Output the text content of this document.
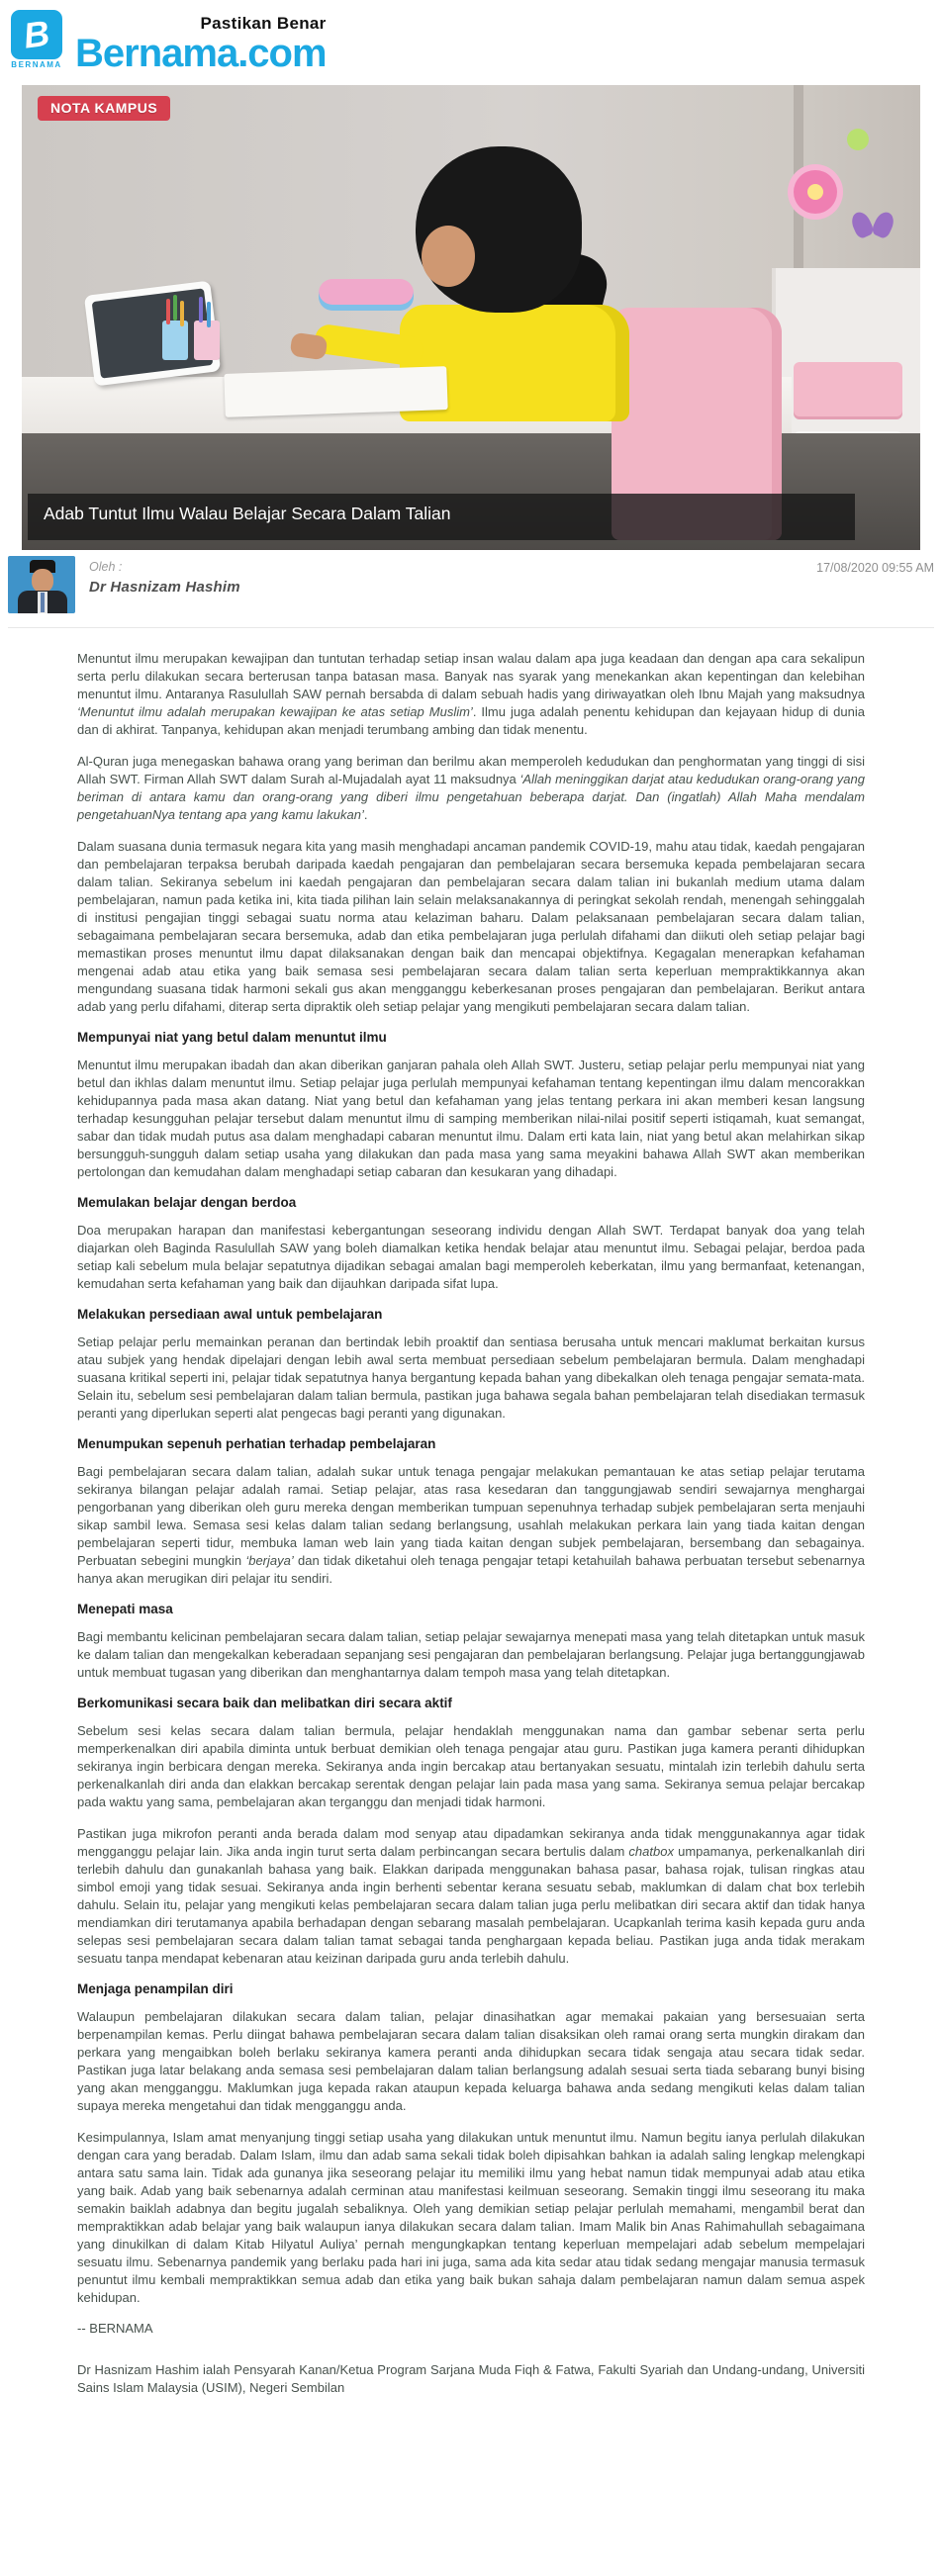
B
BERNAMA
Pastikan Benar
Bernama.com
NOTA KAMPUS
Adab Tuntut Ilmu Walau Belajar Secara Dalam Talian
Oleh :
Dr Hasnizam Hashim
17/08/2020 09:55 AM

Menuntut ilmu merupakan kewajipan dan tuntutan terhadap setiap insan walau dalam apa juga keadaan dan dengan apa cara sekalipun serta perlu dilakukan secara berterusan tanpa batasan masa. Banyak nas syarak yang menekankan akan kepentingan dan kelebihan menuntut ilmu. Antaranya Rasulullah SAW pernah bersabda di dalam sebuah hadis yang diriwayatkan oleh Ibnu Majah yang maksudnya ‘Menuntut ilmu adalah merupakan kewajipan ke atas setiap Muslim’. Ilmu juga adalah penentu kehidupan dan kejayaan hidup di dunia dan di akhirat. Tanpanya, kehidupan akan menjadi terumbang ambing dan tidak menentu.

Al-Quran juga menegaskan bahawa orang yang beriman dan berilmu akan memperoleh kedudukan dan penghormatan yang tinggi di sisi Allah SWT. Firman Allah SWT dalam Surah al-Mujadalah ayat 11 maksudnya ‘Allah meninggikan darjat atau kedudukan orang-orang yang beriman di antara kamu dan orang-orang yang diberi ilmu pengetahuan beberapa darjat. Dan (ingatlah) Allah Maha mendalam pengetahuanNya tentang apa yang kamu lakukan’.

Dalam suasana dunia termasuk negara kita yang masih menghadapi ancaman pandemik COVID-19, mahu atau tidak, kaedah pengajaran dan pembelajaran terpaksa berubah daripada kaedah pengajaran dan pembelajaran secara bersemuka kepada pembelajaran secara dalam talian. Sekiranya sebelum ini kaedah pengajaran dan pembelajaran secara dalam talian ini bukanlah medium utama dalam pembelajaran, namun pada ketika ini, kita tiada pilihan lain selain melaksanakannya di peringkat sekolah rendah, menengah sehinggalah di institusi pengajian tinggi sebagai suatu norma atau kelaziman baharu. Dalam pelaksanaan pembelajaran secara dalam talian, sebagaimana pembelajaran secara bersemuka, adab dan etika pembelajaran juga perlulah difahami dan diikuti oleh setiap pelajar bagi memastikan proses menuntut ilmu dapat dilaksanakan dengan baik dan mencapai objektifnya. Kegagalan menerapkan kefahaman mengenai adab atau etika yang baik semasa sesi pembelajaran secara dalam talian serta keperluan mempraktikkannya akan mengundang suasana tidak harmoni sekali gus akan mengganggu keberkesanan proses pengajaran dan pembelajaran. Berikut antara adab yang perlu difahami, diterap serta dipraktik oleh setiap pelajar yang mengikuti pembelajaran secara dalam talian.

Mempunyai niat yang betul dalam menuntut ilmu

Menuntut ilmu merupakan ibadah dan akan diberikan ganjaran pahala oleh Allah SWT. Justeru, setiap pelajar perlu mempunyai niat yang betul dan ikhlas dalam menuntut ilmu. Setiap pelajar juga perlulah mempunyai kefahaman tentang kepentingan ilmu dalam mencorakkan kehidupannya pada masa akan datang. Niat yang betul dan kefahaman yang jelas tentang perkara ini akan memberi kesan langsung terhadap kesungguhan pelajar tersebut dalam menuntut ilmu di samping memberikan nilai-nilai positif seperti istiqamah, kuat semangat, sabar dan tidak mudah putus asa dalam menghadapi cabaran menuntut ilmu. Dalam erti kata lain, niat yang betul akan melahirkan sikap bersungguh-sungguh dalam setiap usaha yang dilakukan dan pada masa yang sama meyakini bahawa Allah SWT akan memberikan pertolongan dan kemudahan dalam menghadapi setiap cabaran dan kesukaran yang dihadapi.

Memulakan belajar dengan berdoa

Doa merupakan harapan dan manifestasi kebergantungan seseorang individu dengan Allah SWT. Terdapat banyak doa yang telah diajarkan oleh Baginda Rasulullah SAW yang boleh diamalkan ketika hendak belajar atau menuntut ilmu. Sebagai pelajar, berdoa pada setiap kali sebelum mula belajar sepatutnya dijadikan sebagai amalan bagi memperoleh keberkatan, ilmu yang bermanfaat, ketenangan, kemudahan serta kefahaman yang baik dan dijauhkan daripada sifat lupa.

Melakukan persediaan awal untuk pembelajaran

Setiap pelajar perlu memainkan peranan dan bertindak lebih proaktif dan sentiasa berusaha untuk mencari maklumat berkaitan kursus atau subjek yang hendak dipelajari dengan lebih awal serta membuat persediaan sebelum pembelajaran bermula. Dalam menghadapi suasana kritikal seperti ini, pelajar tidak sepatutnya hanya bergantung kepada bahan yang dibekalkan oleh tenaga pengajar semata-mata. Selain itu, sebelum sesi pembelajaran dalam talian bermula, pastikan juga bahawa segala bahan pembelajaran telah disediakan termasuk peranti yang diperlukan seperti alat pengecas bagi peranti yang digunakan.

Menumpukan sepenuh perhatian terhadap pembelajaran

Bagi pembelajaran secara dalam talian, adalah sukar untuk tenaga pengajar melakukan pemantauan ke atas setiap pelajar terutama sekiranya bilangan pelajar adalah ramai. Setiap pelajar, atas rasa kesedaran dan tanggungjawab sendiri sewajarnya menghargai pengorbanan yang diberikan oleh guru mereka dengan memberikan tumpuan sepenuhnya terhadap subjek pembelajaran serta menjauhi sikap sambil lewa. Semasa sesi kelas dalam talian sedang berlangsung, usahlah melakukan perkara lain yang tiada kaitan dengan pembelajaran seperti tidur, membuka laman web lain yang tiada kaitan dengan subjek pembelajaran, bersembang dan sebagainya. Perbuatan sebegini mungkin ‘berjaya’ dan tidak diketahui oleh tenaga pengajar tetapi ketahuilah bahawa perbuatan tersebut sebenarnya hanya akan merugikan diri pelajar itu sendiri.

Menepati masa

Bagi membantu kelicinan pembelajaran secara dalam talian, setiap pelajar sewajarnya menepati masa yang telah ditetapkan untuk masuk ke dalam talian dan mengekalkan keberadaan sepanjang sesi pengajaran dan pembelajaran berlangsung. Pelajar juga bertanggungjawab untuk membuat tugasan yang diberikan dan menghantarnya dalam tempoh masa yang telah ditetapkan.

Berkomunikasi secara baik dan melibatkan diri secara aktif

Sebelum sesi kelas secara dalam talian bermula, pelajar hendaklah menggunakan nama dan gambar sebenar serta perlu memperkenalkan diri apabila diminta untuk berbuat demikian oleh tenaga pengajar atau guru. Pastikan juga kamera peranti dihidupkan sekiranya ingin berbicara dengan mereka. Sekiranya anda ingin bercakap atau bertanyakan sesuatu, mintalah izin terlebih dahulu serta perkenalkanlah diri anda dan elakkan bercakap serentak dengan pelajar lain pada masa yang sama. Sekiranya semua pelajar bercakap pada waktu yang sama, pembelajaran akan terganggu dan menjadi tidak harmoni.

Pastikan juga mikrofon peranti anda berada dalam mod senyap atau dipadamkan sekiranya anda tidak menggunakannya agar tidak mengganggu pelajar lain. Jika anda ingin turut serta dalam perbincangan secara bertulis dalam chatbox umpamanya, perkenalkanlah diri terlebih dahulu dan gunakanlah bahasa yang baik. Elakkan daripada menggunakan bahasa pasar, bahasa rojak, tulisan ringkas atau simbol emoji yang tidak sesuai. Sekiranya anda ingin berhenti sebentar kerana sesuatu sebab, maklumkan di dalam chat box terlebih dahulu. Selain itu, pelajar yang mengikuti kelas pembelajaran secara dalam talian juga perlu melibatkan diri secara aktif dan tidak hanya mendiamkan diri terutamanya apabila berhadapan dengan sebarang masalah pembelajaran. Ucapkanlah terima kasih kepada guru anda selepas sesi pembelajaran secara dalam talian tamat sebagai tanda penghargaan kepada beliau. Pastikan juga anda tidak merakam sesuatu tanpa mendapat kebenaran atau keizinan daripada guru anda terlebih dahulu.

Menjaga penampilan diri

Walaupun pembelajaran dilakukan secara dalam talian, pelajar dinasihatkan agar memakai pakaian yang bersesuaian serta berpenampilan kemas. Perlu diingat bahawa pembelajaran secara dalam talian disaksikan oleh ramai orang serta mungkin dirakam dan perkara yang mengaibkan boleh berlaku sekiranya kamera peranti anda dihidupkan secara tidak sengaja atau secara tidak sedar. Pastikan juga latar belakang anda semasa sesi pembelajaran dalam talian berlangsung adalah sesuai serta tiada sebarang bunyi bising yang akan mengganggu. Maklumkan juga kepada rakan ataupun kepada keluarga bahawa anda sedang mengikuti kelas dalam talian supaya mereka mengetahui dan tidak mengganggu anda.

Kesimpulannya, Islam amat menyanjung tinggi setiap usaha yang dilakukan untuk menuntut ilmu. Namun begitu ianya perlulah dilakukan dengan cara yang beradab. Dalam Islam, ilmu dan adab sama sekali tidak boleh dipisahkan bahkan ia adalah saling lengkap melengkapi antara satu sama lain. Tidak ada gunanya jika seseorang pelajar itu memiliki ilmu yang hebat namun tidak mempunyai adab atau etika yang baik. Adab yang baik sebenarnya adalah cerminan atau manifestasi keilmuan seseorang. Semakin tinggi ilmu seseorang itu maka semakin baiklah adabnya dan begitu jugalah sebaliknya. Oleh yang demikian setiap pelajar perlulah memahami, mengambil berat dan mempraktikkan adab belajar yang baik walaupun ianya dilakukan secara dalam talian. Imam Malik bin Anas Rahimahullah sebagaimana yang dinukilkan di dalam Kitab Hilyatul Auliya’ pernah mengungkapkan tentang keperluan mempelajari adab sebelum mempelajari sesuatu ilmu. Sebenarnya pandemik yang berlaku pada hari ini juga, sama ada kita sedar atau tidak sedang mengajar manusia termasuk penuntut ilmu kembali mempraktikkan semua adab dan etika yang baik bukan sahaja dalam pembelajaran namun dalam semua aspek kehidupan.

-- BERNAMA
Dr Hasnizam Hashim ialah Pensyarah Kanan/Ketua Program Sarjana Muda Fiqh & Fatwa, Fakulti Syariah dan Undang-undang, Universiti Sains Islam Malaysia (USIM), Negeri Sembilan
